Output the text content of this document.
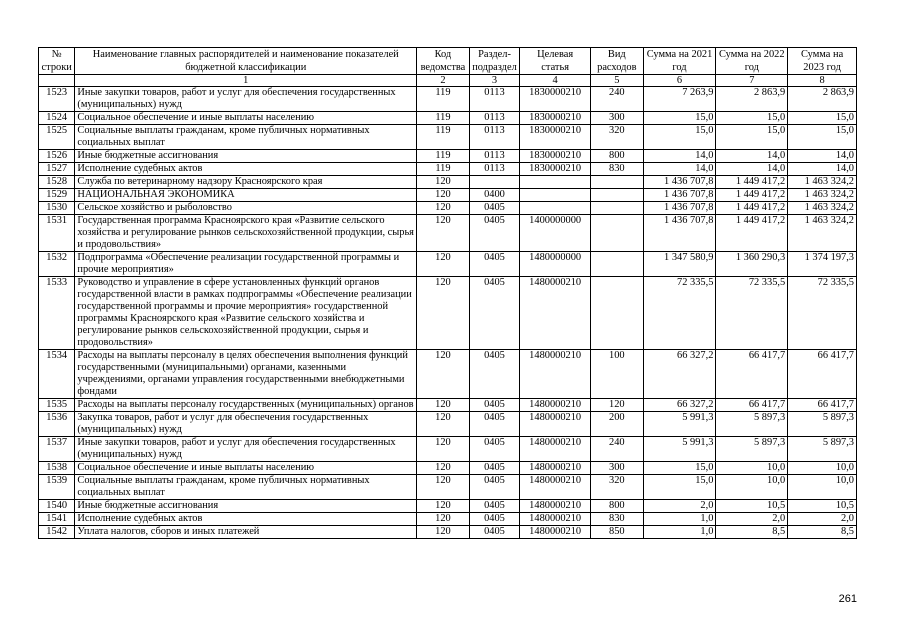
№ строки	Наименование главных распорядителей и наименование показателей бюджетной классификации	Код ведомства	Раздел-подраздел	Целевая статья	Вид расходов	Сумма на 2021 год	Сумма на 2022 год	Сумма на 2023 год
	1	2	3	4	5	6	7	8
1523	Иные закупки товаров, работ и услуг для обеспечения государственных (муниципальных) нужд	119	0113	1830000210	240	7 263,9	2 863,9	2 863,9
1524	Социальное обеспечение и иные выплаты населению	119	0113	1830000210	300	15,0	15,0	15,0
1525	Социальные выплаты гражданам, кроме публичных нормативных социальных выплат	119	0113	1830000210	320	15,0	15,0	15,0
1526	Иные бюджетные ассигнования	119	0113	1830000210	800	14,0	14,0	14,0
1527	Исполнение судебных актов	119	0113	1830000210	830	14,0	14,0	14,0
1528	Служба по ветеринарному надзору Красноярского края	120				1 436 707,8	1 449 417,2	1 463 324,2
1529	НАЦИОНАЛЬНАЯ ЭКОНОМИКА	120	0400			1 436 707,8	1 449 417,2	1 463 324,2
1530	Сельское хозяйство и рыболовство	120	0405			1 436 707,8	1 449 417,2	1 463 324,2
1531	Государственная программа Красноярского края «Развитие сельского хозяйства и регулирование рынков сельскохозяйственной продукции, сырья и продовольствия»	120	0405	1400000000		1 436 707,8	1 449 417,2	1 463 324,2
1532	Подпрограмма «Обеспечение реализации государственной программы и прочие мероприятия»	120	0405	1480000000		1 347 580,9	1 360 290,3	1 374 197,3
1533	Руководство и управление в сфере установленных функций органов государственной власти в рамках подпрограммы «Обеспечение реализации государственной программы и прочие мероприятия» государственной программы Красноярского края «Развитие сельского хозяйства и регулирование рынков сельскохозяйственной продукции, сырья и продовольствия»	120	0405	1480000210		72 335,5	72 335,5	72 335,5
1534	Расходы на выплаты персоналу в целях обеспечения выполнения функций государственными (муниципальными) органами, казенными учреждениями, органами управления государственными внебюджетными фондами	120	0405	1480000210	100	66 327,2	66 417,7	66 417,7
1535	Расходы на выплаты персоналу государственных (муниципальных) органов	120	0405	1480000210	120	66 327,2	66 417,7	66 417,7
1536	Закупка товаров, работ и услуг для обеспечения государственных (муниципальных) нужд	120	0405	1480000210	200	5 991,3	5 897,3	5 897,3
1537	Иные закупки товаров, работ и услуг для обеспечения государственных (муниципальных) нужд	120	0405	1480000210	240	5 991,3	5 897,3	5 897,3
1538	Социальное обеспечение и иные выплаты населению	120	0405	1480000210	300	15,0	10,0	10,0
1539	Социальные выплаты гражданам, кроме публичных нормативных социальных выплат	120	0405	1480000210	320	15,0	10,0	10,0
1540	Иные бюджетные ассигнования	120	0405	1480000210	800	2,0	10,5	10,5
1541	Исполнение судебных актов	120	0405	1480000210	830	1,0	2,0	2,0
1542	Уплата налогов, сборов и иных платежей	120	0405	1480000210	850	1,0	8,5	8,5
261
